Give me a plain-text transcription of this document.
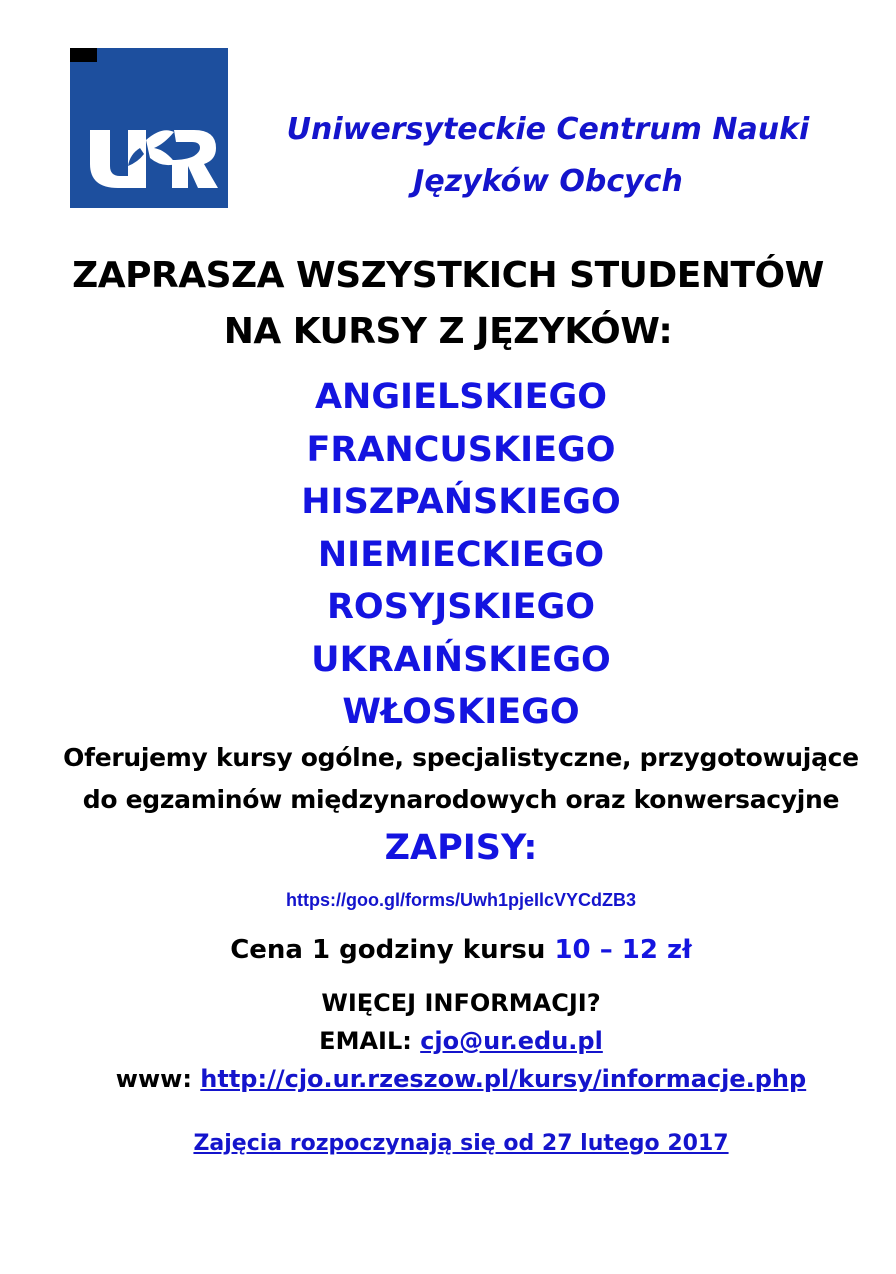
Uniwersyteckie Centrum Nauki
Języków Obcych
ZAPRASZA WSZYSTKICH STUDENTÓW
NA KURSY Z JĘZYKÓW:
ANGIELSKIEGO
FRANCUSKIEGO
HISZPAŃSKIEGO
NIEMIECKIEGO
ROSYJSKIEGO
UKRAIŃSKIEGO
WŁOSKIEGO
Oferujemy kursy ogólne, specjalistyczne, przygotowujące
do egzaminów międzynarodowych oraz konwersacyjne
ZAPISY:
https://goo.gl/forms/Uwh1pjeIlcVYCdZB3
Cena 1 godziny kursu 10 – 12 zł
WIĘCEJ INFORMACJI?
EMAIL: cjo@ur.edu.pl
www: http://cjo.ur.rzeszow.pl/kursy/informacje.php
Zajęcia rozpoczynają się od 27 lutego 2017
